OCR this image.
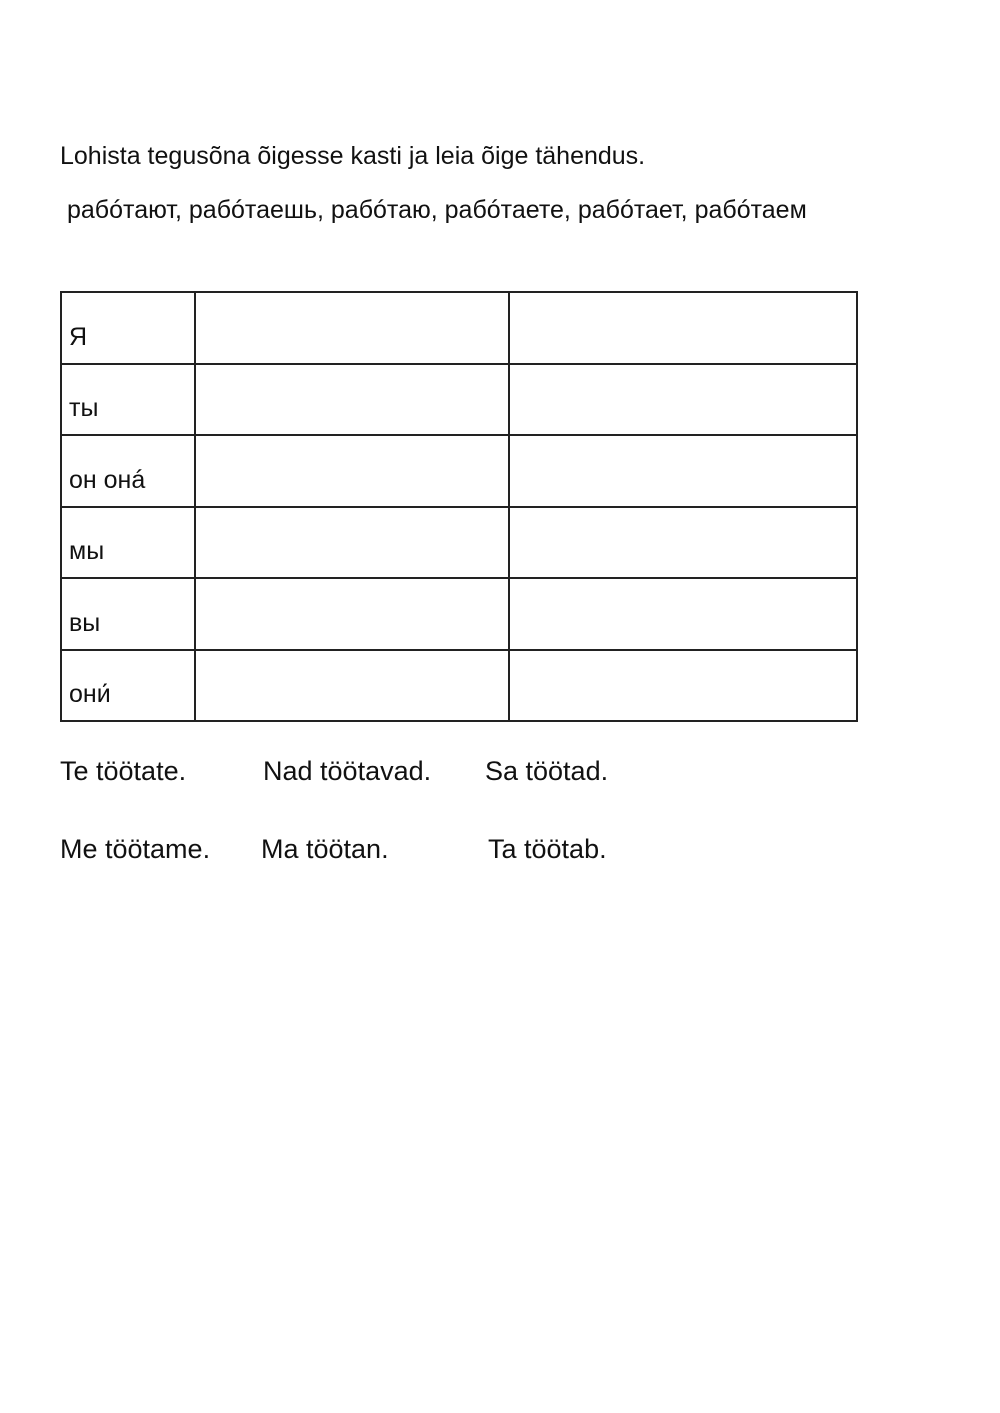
Lohista tegusõna õigesse kasti ja leia õige tähendus.
рабóтают, рабóтаешь, рабóтаю, рабóтаете, рабóтает, рабóтаем
Я		

ты		

он онá		

мы		

вы		

они́		

Te töötate.	Nad töötavad. Sa töötad.
Me töötame. Ma töötan.	Ta töötab.
